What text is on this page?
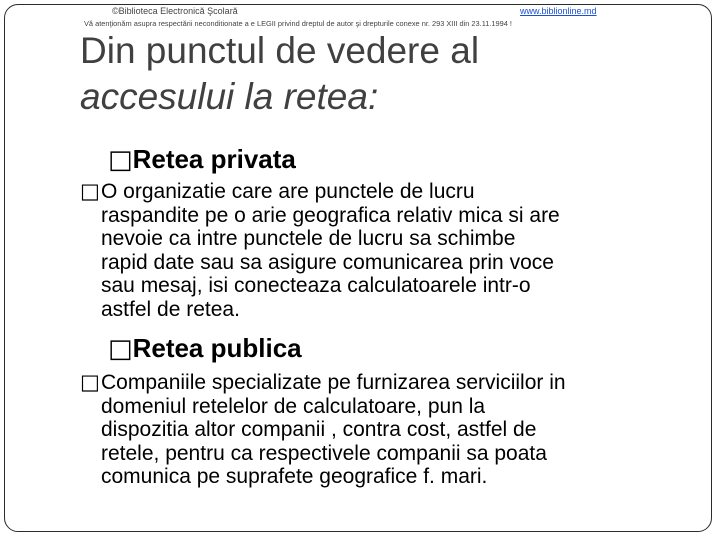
©Biblioteca Electronică Şcolară	www.biblionline.md
Vă atenţionăm asupra respectării neconditionate a e LEGII privind dreptul de autor şi drepturile conexe nr. 293 XIII din 23.11.1994 !
Din punctul de vedere al
accesului la retea:
□Retea privata
□O organizatie care are punctele de lucru
raspandite pe o arie geografica relativ mica si are
nevoie ca intre punctele de lucru sa schimbe
rapid date sau sa asigure comunicarea prin voce
sau mesaj, isi conecteaza calculatoarele intr-o
astfel de retea.
□Retea publica
□Companiile specializate pe furnizarea serviciilor in
domeniul retelelor de calculatoare, pun la
dispozitia altor companii , contra cost, astfel de
retele, pentru ca respectivele companii sa poata
comunica pe suprafete geografice f. mari.
